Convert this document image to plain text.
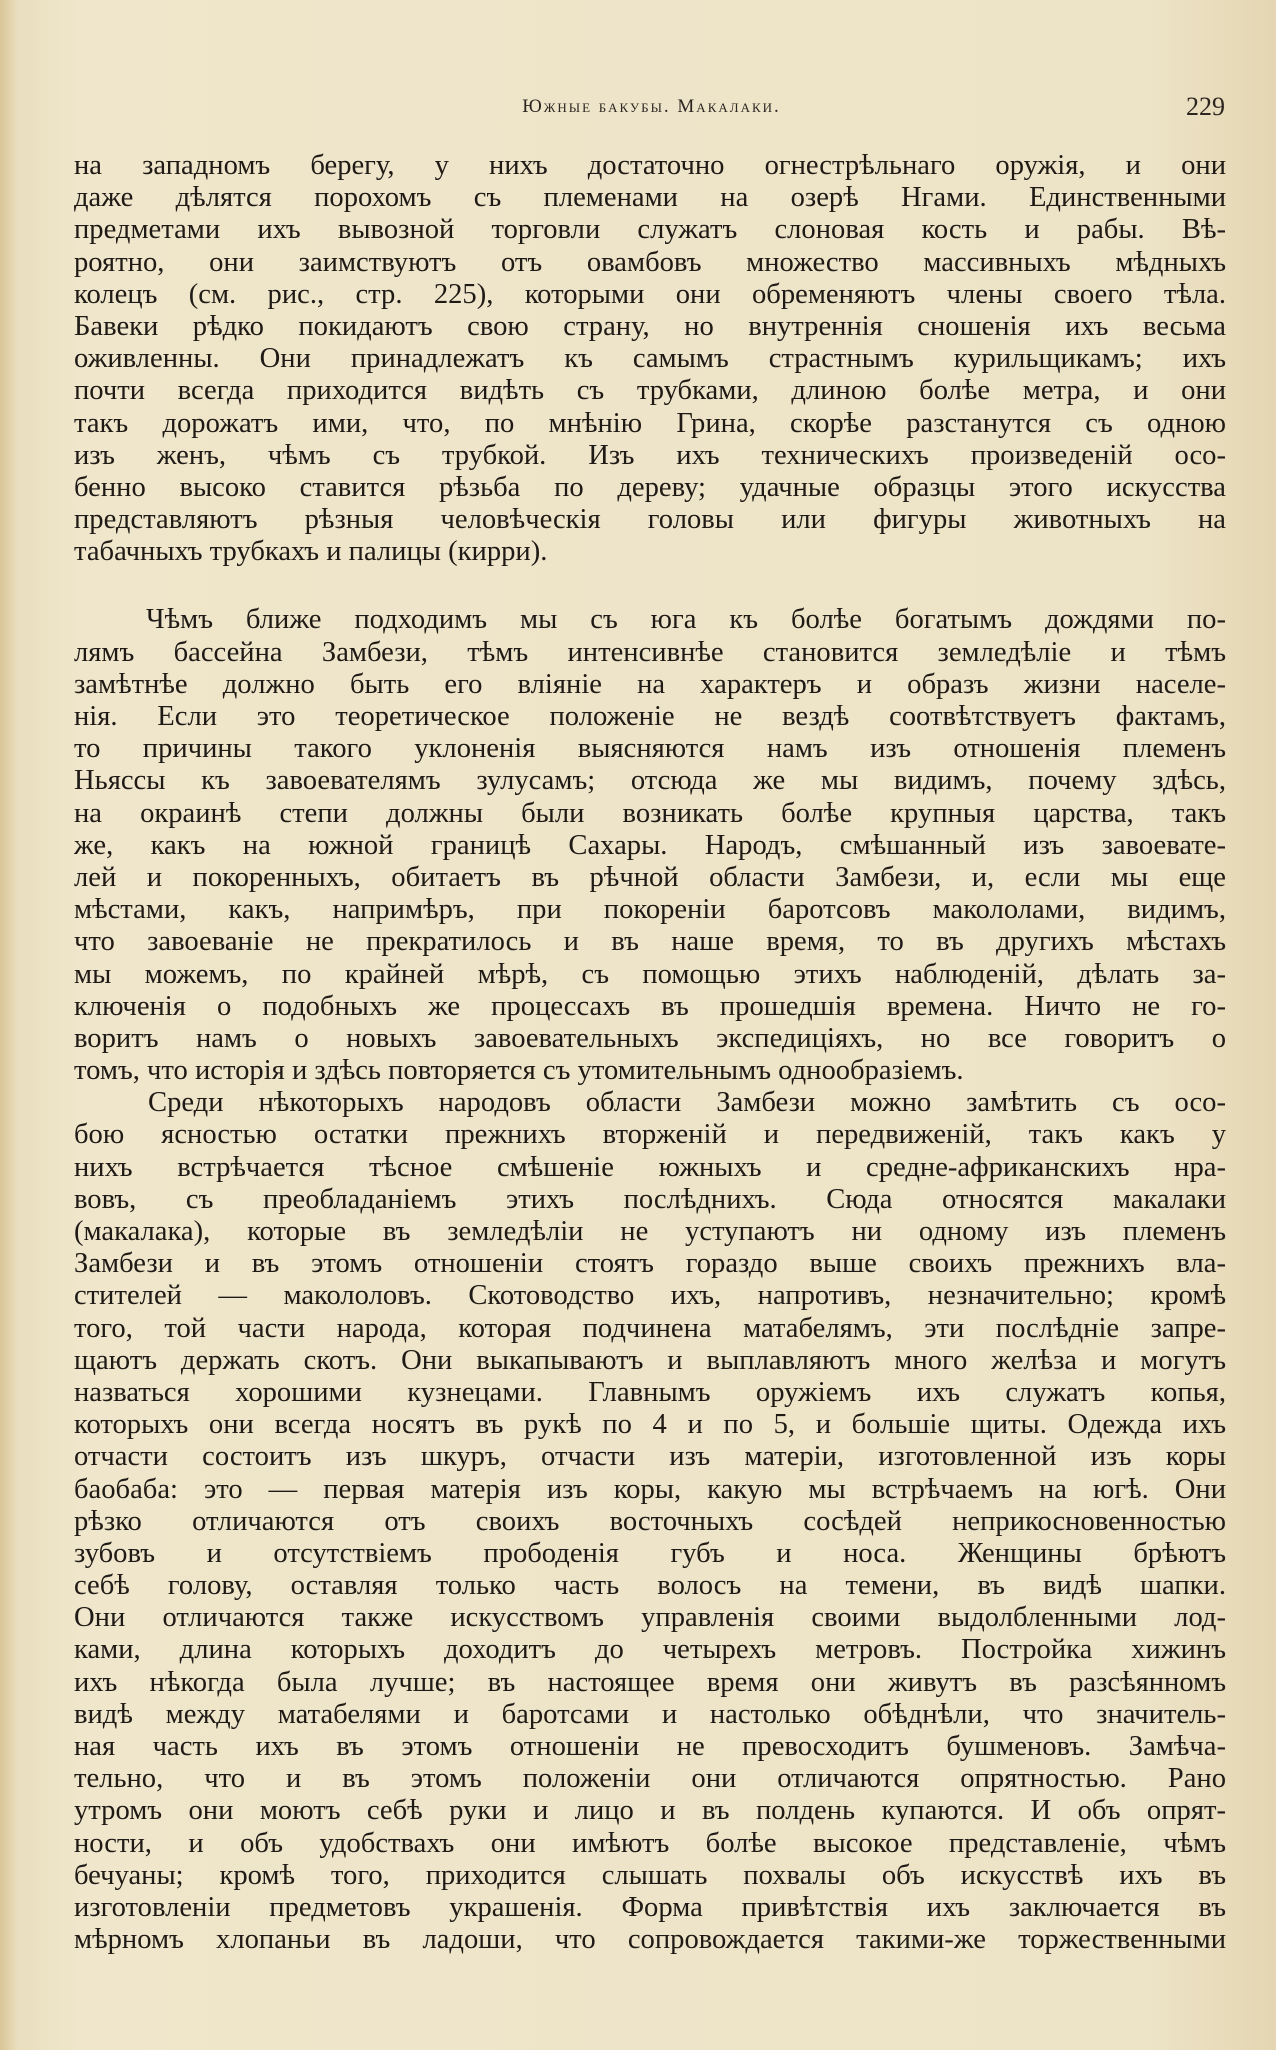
Южные бакубы. Макалаки.	229
на западномъ берегу, у нихъ достаточно огнестрѣльнаго оружія, и они
даже дѣлятся порохомъ съ племенами на озерѣ Нгами. Единственными
предметами ихъ вывозной торговли служатъ слоновая кость и рабы. Вѣ-
роятно, они заимствуютъ отъ овамбовъ множество массивныхъ мѣдныхъ
колецъ (см. рис., стр. 225), которыми они обременяютъ члены своего тѣла.
Бавеки рѣдко покидаютъ свою страну, но внутреннія сношенія ихъ весьма
оживленны. Они принадлежатъ къ самымъ страстнымъ курильщикамъ; ихъ
почти всегда приходится видѣть съ трубками, длиною болѣе метра, и они
такъ дорожатъ ими, что, по мнѣнію Грина, скорѣе разстанутся съ одною
изъ женъ, чѣмъ съ трубкой. Изъ ихъ техническихъ произведеній осо-
бенно высоко ставится рѣзьба по дереву; удачные образцы этого искусства
представляютъ рѣзныя человѣческія головы или фигуры животныхъ на
табачныхъ трубкахъ и палицы (кирри).
Чѣмъ ближе подходимъ мы съ юга къ болѣе богатымъ дождями по-
лямъ бассейна Замбези, тѣмъ интенсивнѣе становится земледѣліе и тѣмъ
замѣтнѣе должно быть его вліяніе на характеръ и образъ жизни населе-
нія. Если это теоретическое положеніе не вездѣ соотвѣтствуетъ фактамъ,
то причины такого уклоненія выясняются намъ изъ отношенія племенъ
Ньяссы къ завоевателямъ зулусамъ; отсюда же мы видимъ, почему здѣсь,
на окраинѣ степи должны были возникать болѣе крупныя царства, такъ
же, какъ на южной границѣ Сахары. Народъ, смѣшанный изъ завоевате-
лей и покоренныхъ, обитаетъ въ рѣчной области Замбези, и, если мы еще
мѣстами, какъ, напримѣръ, при покореніи баротсовъ макололами, видимъ,
что завоеваніе не прекратилось и въ наше время, то въ другихъ мѣстахъ
мы можемъ, по крайней мѣрѣ, съ помощью этихъ наблюденій, дѣлать за-
ключенія о подобныхъ же процессахъ въ прошедшія времена. Ничто не го-
воритъ намъ о новыхъ завоевательныхъ экспедиціяхъ, но все говоритъ о
томъ, что исторія и здѣсь повторяется съ утомительнымъ однообразіемъ.
Среди нѣкоторыхъ народовъ области Замбези можно замѣтить съ осо-
бою ясностью остатки прежнихъ вторженій и передвиженій, такъ какъ у
нихъ встрѣчается тѣсное смѣшеніе южныхъ и средне-африканскихъ нра-
вовъ, съ преобладаніемъ этихъ послѣднихъ. Сюда относятся макалаки
(макалака), которые въ земледѣліи не уступаютъ ни одному изъ племенъ
Замбези и въ этомъ отношеніи стоятъ гораздо выше своихъ прежнихъ вла-
стителей — макололовъ. Скотоводство ихъ, напротивъ, незначительно; кромѣ
того, той части народа, которая подчинена матабелямъ, эти послѣдніе запре-
щаютъ держать скотъ. Они выкапываютъ и выплавляютъ много желѣза и могутъ
назваться хорошими кузнецами. Главнымъ оружіемъ ихъ служатъ копья,
которыхъ они всегда носятъ въ рукѣ по 4 и по 5, и большіе щиты. Одежда ихъ
отчасти состоитъ изъ шкуръ, отчасти изъ матеріи, изготовленной изъ коры
баобаба: это — первая матерія изъ коры, какую мы встрѣчаемъ на югѣ. Они
рѣзко отличаются отъ своихъ восточныхъ сосѣдей неприкосновенностью
зубовъ и отсутствіемъ прободенія губъ и носа. Женщины брѣютъ
себѣ голову, оставляя только часть волосъ на темени, въ видѣ шапки.
Они отличаются также искусствомъ управленія своими выдолбленными лод-
ками, длина которыхъ доходитъ до четырехъ метровъ. Постройка хижинъ
ихъ нѣкогда была лучше; въ настоящее время они живутъ въ разсѣянномъ
видѣ между матабелями и баротсами и настолько обѣднѣли, что значитель-
ная часть ихъ въ этомъ отношеніи не превосходитъ бушменовъ. Замѣча-
тельно, что и въ этомъ положеніи они отличаются опрятностью. Рано
утромъ они моютъ себѣ руки и лицо и въ полдень купаются. И объ опрят-
ности, и объ удобствахъ они имѣютъ болѣе высокое представленіе, чѣмъ
бечуаны; кромѣ того, приходится слышать похвалы объ искусствѣ ихъ въ
изготовленіи предметовъ украшенія. Форма привѣтствія ихъ заключается въ
мѣрномъ хлопаньи въ ладоши, что сопровождается такими-же торжественными
